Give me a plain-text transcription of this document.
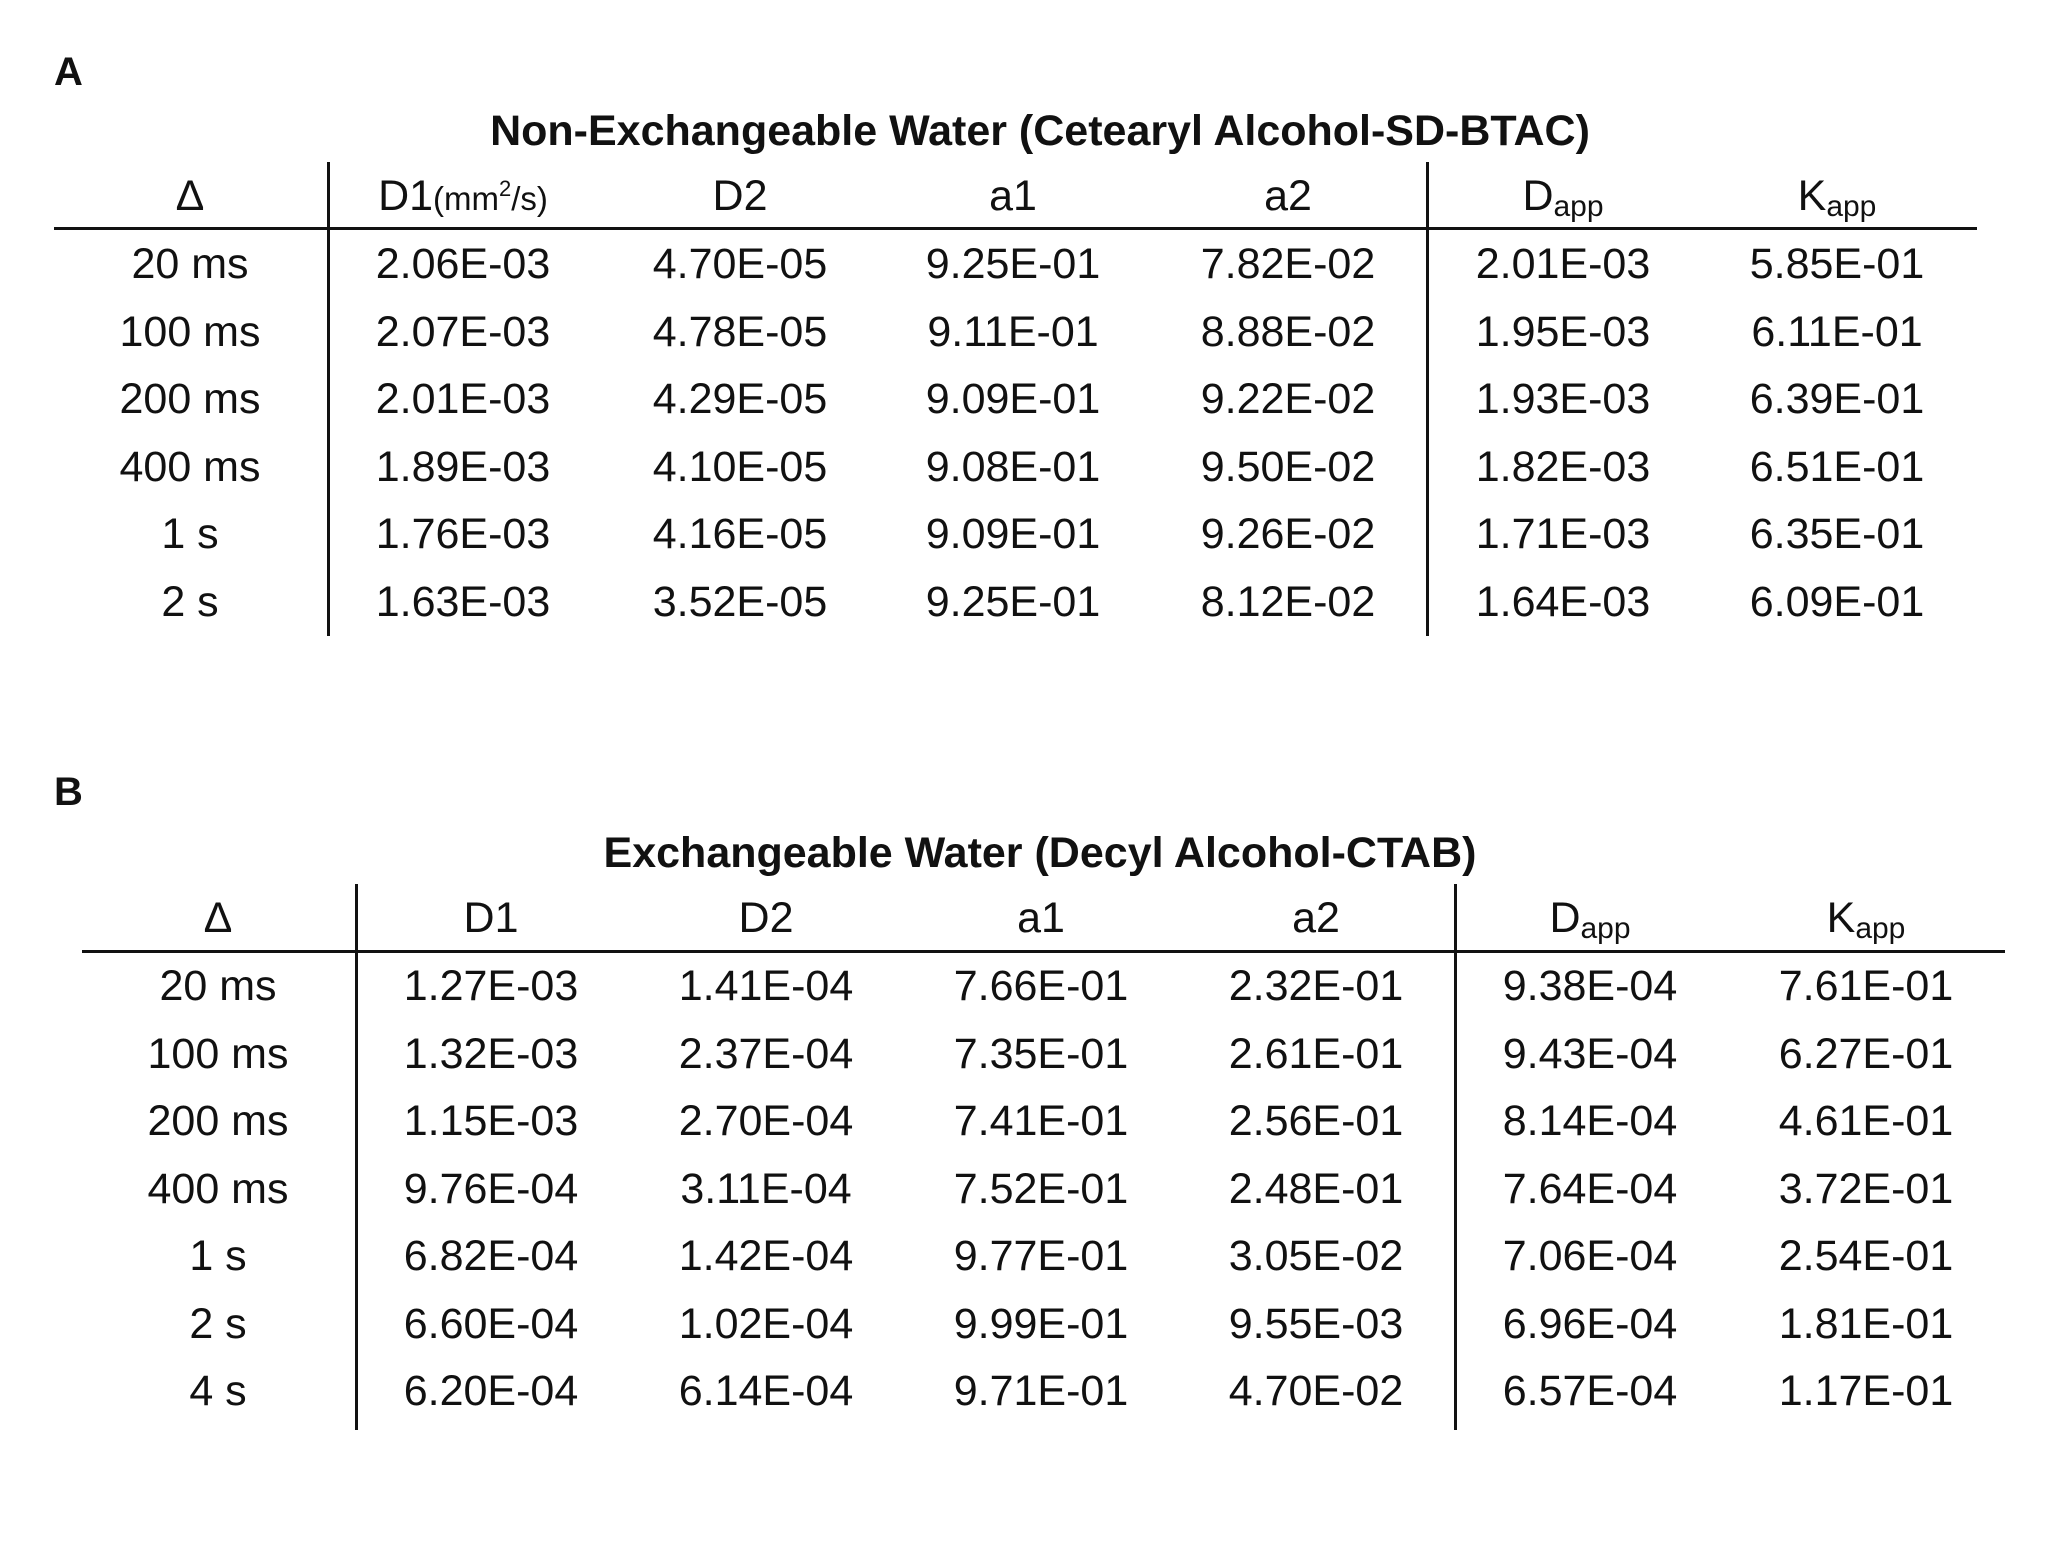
A
Non-Exchangeable Water (Cetearyl Alcohol-SD-BTAC)
Δ	$D1(mm^2/s)$	D2	a1	a2	$D_{app}$	$K_{app}$
20 ms	2.06E-03 4.70E-05 9.25E-01 7.82E-02 2.01E-03 5.85E-01
100 ms	2.07E-03 4.78E-05 9.11E-01 8.88E-02 1.95E-03 6.11E-01
200 ms	2.01E-03 4.29E-05 9.09E-01 9.22E-02 1.93E-03 6.39E-01
400 ms	1.89E-03 4.10E-05 9.08E-01 9.50E-02 1.82E-03 6.51E-01
1 s	1.76E-03 4.16E-05 9.09E-01 9.26E-02 1.71E-03 6.35E-01
2 s	1.63E-03 3.52E-05 9.25E-01 8.12E-02 1.64E-03 6.09E-01
B
Exchangeable Water (Decyl Alcohol-CTAB)
Δ	D1	D2	a1	a2	$D_{app}$	$K_{app}$
20 ms	1.27E-03 1.41E-04 7.66E-01 2.32E-01 9.38E-04 7.61E-01
100 ms	1.32E-03 2.37E-04 7.35E-01 2.61E-01 9.43E-04 6.27E-01
200 ms	1.15E-03 2.70E-04 7.41E-01 2.56E-01 8.14E-04 4.61E-01
400 ms	9.76E-04 3.11E-04 7.52E-01 2.48E-01 7.64E-04 3.72E-01
1 s	6.82E-04 1.42E-04 9.77E-01 3.05E-02 7.06E-04 2.54E-01
2 s	6.60E-04 1.02E-04 9.99E-01 9.55E-03 6.96E-04 1.81E-01
4 s	6.20E-04 6.14E-04 9.71E-01 4.70E-02 6.57E-04 1.17E-01
